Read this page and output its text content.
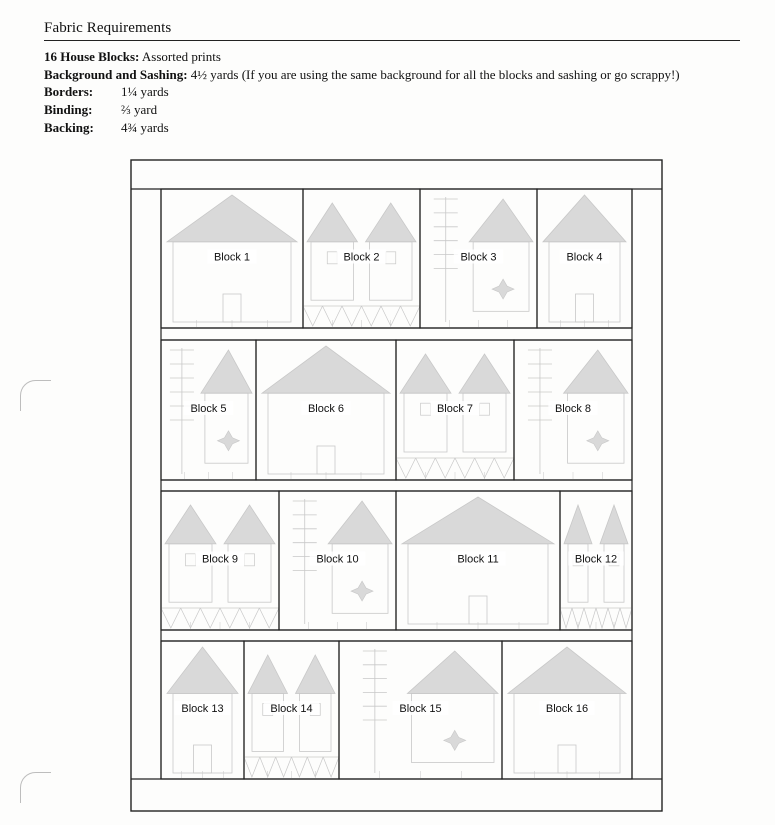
Fabric Requirements
16 House Blocks: Assorted prints
Background and Sashing: 4½ yards (If you are using the same background for all the blocks and sashing or go scrappy!)
Borders: 1¼ yards
Binding: ⅔ yard
Backing: 4¾ yards
Block 1	Block 2	Block 3	Block 4
Block 5	Block 6	Block 7	Block 8
Block 9	Block 10	Block 11	Block 12
Block 13	Block 14	Block 15	Block 16
